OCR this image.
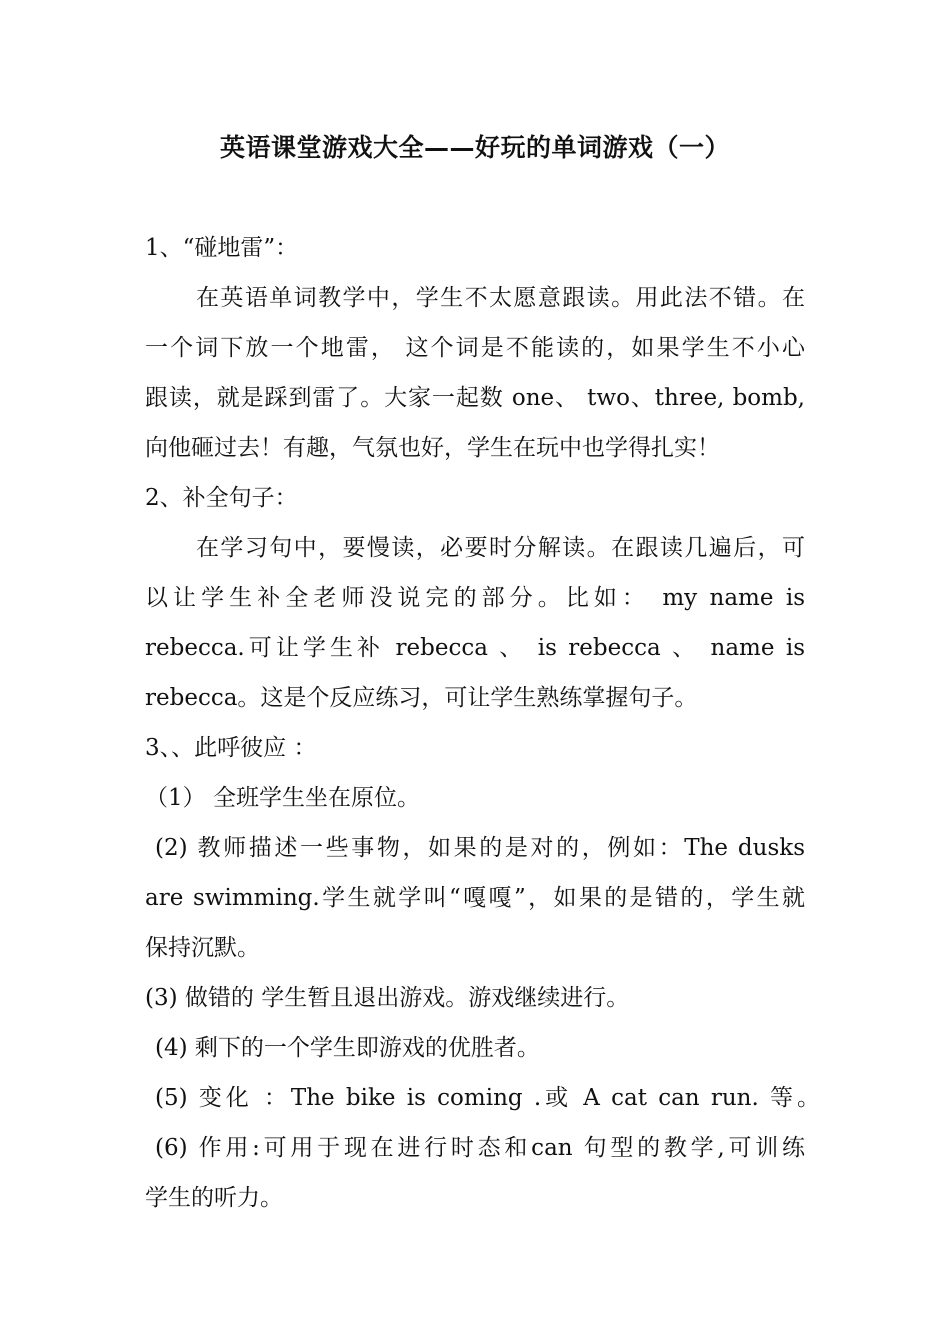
英语课堂游戏大全——好玩的单词游戏（一）
1、“碰地雷”：
在英语单词教学中，学生不太愿意跟读。用此法不错。在
一个词下放一个地雷， 这个词是不能读的，如果学生不小心
跟读，就是踩到雷了。大家一起数 one、 two、three, bomb,
向他砸过去！有趣，气氛也好，学生在玩中也学得扎实！
2、补全句子：
在学习句中，要慢读，必要时分解读。在跟读几遍后，可
以让学生补全老师没说完的部分。比如： my name is
rebecca.可让学生补 rebecca 、 is rebecca 、 name is
rebecca。这是个反应练习，可让学生熟练掌握句子。
3、、此呼彼应 ：
（1） 全班学生坐在原位。
(2) 教师描述一些事物，如果的是对的，例如：The dusks
are swimming.学生就学叫“嘎嘎”，如果的是错的，学生就
保持沉默。
(3) 做错的 学生暂且退出游戏。游戏继续进行。
(4) 剩下的一个学生即游戏的优胜者。
(5) 变化 ：The bike is coming .或 A cat can run. 等。
(6) 作用:可用于现在进行时态和can 句型的教学,可训练
学生的听力。
